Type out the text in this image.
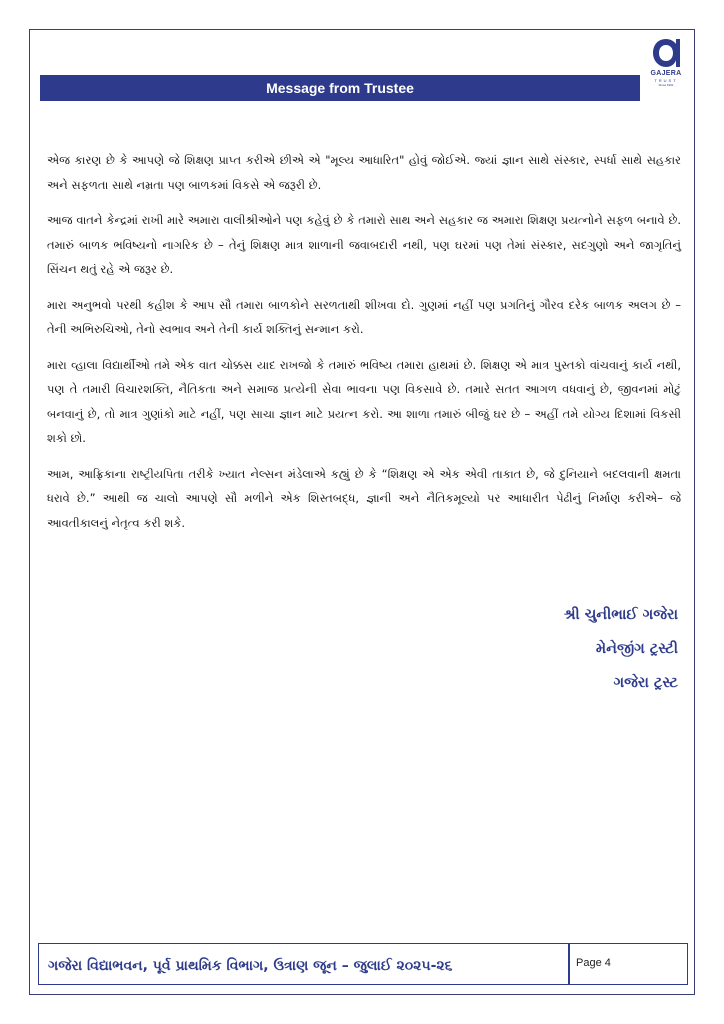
GAJERA
TRUST
Since 1991
Message from Trustee

એજ કારણ છે કે આપણે જે શિક્ષણ પ્રાપ્ત કરીએ છીએ એ "મૂલ્ય આધારિત" હોવું જોઈએ. જ્યાં જ્ઞાન સાથે સંસ્કાર, સ્પર્ધા સાથે સહકાર અને સફળતા સાથે નમ્રતા પણ બાળકમાં વિકસે એ જરૂરી છે.

આજ વાતને કેન્દ્રમાં રાખી મારે અમારા વાલીશ્રીઓને પણ કહેવું છે કે તમારો સાથ અને સહકાર જ અમારા શિક્ષણ પ્રયત્નોને સફળ બનાવે છે. તમારું બાળક ભવિષ્યનો નાગરિક છે – તેનું શિક્ષણ માત્ર શાળાની જવાબદારી નથી, પણ ઘરમાં પણ તેમાં સંસ્કાર, સદગુણો અને જાગૃતિનું સિંચન થતું રહે એ જરૂર છે.

મારા અનુભવો પરથી કહીશ કે આપ સૌ તમારા બાળકોને સરળતાથી શીખવા દો. ગુણમાં નહીં પણ પ્રગતિનું ગૌરવ દરેક બાળક અલગ છે – તેની અભિરુચિઓ, તેનો સ્વભાવ અને તેની કાર્ય શક્તિનું સન્માન કરો.

મારા વ્હાલા વિદ્યાર્થીઓ તમે એક વાત ચોક્કસ યાદ રાખજો કે તમારું ભવિષ્ય તમારા હાથમાં છે. શિક્ષણ એ માત્ર પુસ્તકો વાંચવાનું કાર્ય નથી, પણ તે તમારી વિચારશક્તિ, નૈતિકતા અને સમાજ પ્રત્યેની સેવા ભાવના પણ વિકસાવે છે. તમારે સતત આગળ વધવાનું છે, જીવનમાં મોટું બનવાનું છે, તો માત્ર ગુણાંકો માટે નહીં, પણ સાચા જ્ઞાન માટે પ્રયત્ન કરો. આ શાળા તમારું બીજું ઘર છે – અહીં તમે યોગ્ય દિશામાં વિકસી શકો છો.

આમ, આફ્રિકાના રાષ્ટ્રીયપિતા તરીકે ખ્યાત નેલ્સન મંડેલાએ કહ્યું છે કે “શિક્ષણ એ એક એવી તાકાત છે, જે દુનિયાને બદલવાની ક્ષમતા ધરાવે છે.” આથી જ ચાલો આપણે સૌ મળીને એક શિસ્તબદ્ધ, જ્ઞાની અને નૈતિકમૂલ્યો પર આધારીત પેઢીનું નિર્માણ કરીએ– જે આવતીકાલનું નેતૃત્વ કરી શકે.

શ્રી ચુનીભાઈ ગજેરા
મેનેજીંગ ટ્રસ્ટી
ગજેરા ટ્રસ્ટ
ગજેરા વિદ્યાભવન, પૂર્વ પ્રાથમિક વિભાગ, ઉત્રાણ જૂન – જુલાઈ ૨૦૨૫-૨૬	Page 4
